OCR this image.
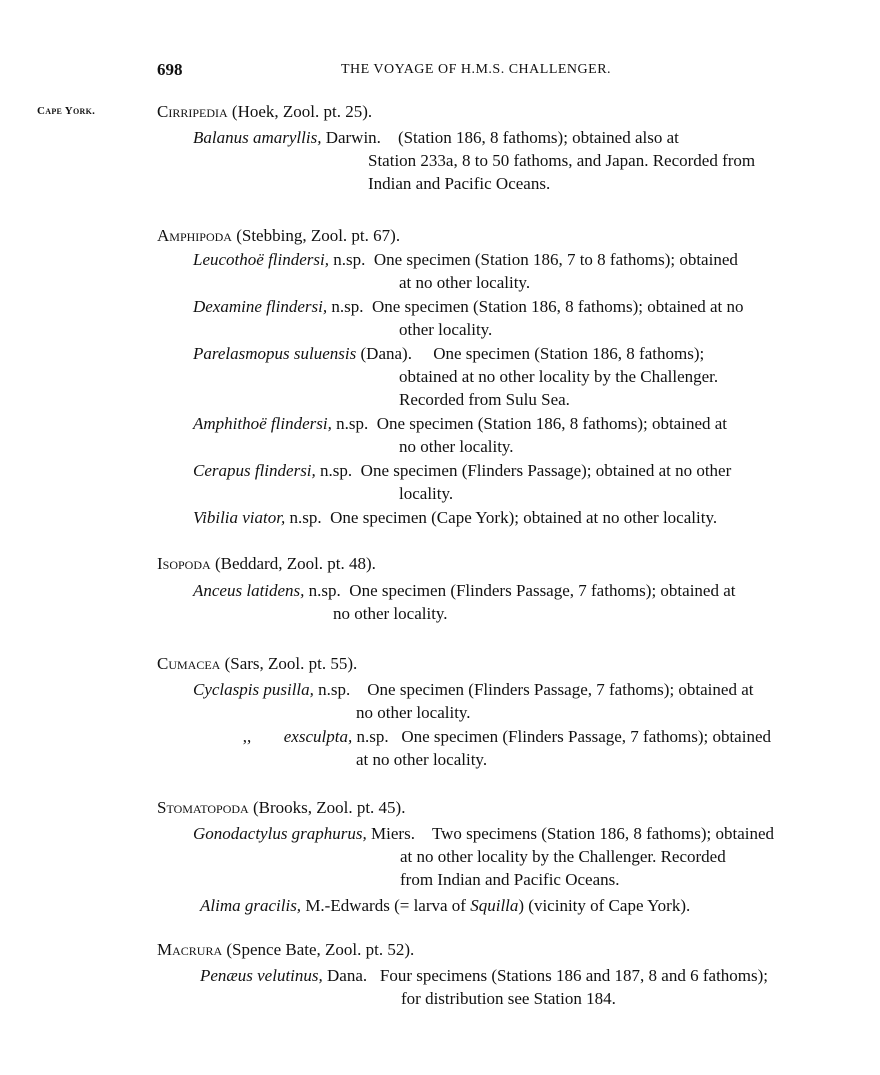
698	THE VOYAGE OF H.M.S. CHALLENGER.
Cape York.	Cirripedia (Hoek, Zool. pt. 25).
Balanus amaryllis, Darwin. (Station 186, 8 fathoms); obtained also at
Station 233a, 8 to 50 fathoms, and Japan. Recorded from
Indian and Pacific Oceans.
Amphipoda (Stebbing, Zool. pt. 67).
Leucothoë flindersi, n.sp. One specimen (Station 186, 7 to 8 fathoms); obtained
at no other locality.
Dexamine flindersi, n.sp. One specimen (Station 186, 8 fathoms); obtained at no
other locality.
Parelasmopus suluensis (Dana). One specimen (Station 186, 8 fathoms);
obtained at no other locality by the Challenger.
Recorded from Sulu Sea.
Amphithoë flindersi, n.sp. One specimen (Station 186, 8 fathoms); obtained at
no other locality.
Cerapus flindersi, n.sp. One specimen (Flinders Passage); obtained at no other
locality.
Vibilia viator, n.sp. One specimen (Cape York); obtained at no other locality.
Isopoda (Beddard, Zool. pt. 48).
Anceus latidens, n.sp. One specimen (Flinders Passage, 7 fathoms); obtained at
no other locality.
Cumacea (Sars, Zool. pt. 55).
Cyclaspis pusilla, n.sp. One specimen (Flinders Passage, 7 fathoms); obtained at
no other locality.
,, exsculpta, n.sp. One specimen (Flinders Passage, 7 fathoms); obtained
at no other locality.
Stomatopoda (Brooks, Zool. pt. 45).
Gonodactylus graphurus, Miers. Two specimens (Station 186, 8 fathoms); obtained
at no other locality by the Challenger. Recorded
from Indian and Pacific Oceans.
Alima gracilis, M.-Edwards (= larva of Squilla) (vicinity of Cape York).
Macrura (Spence Bate, Zool. pt. 52).
Penæus velutinus, Dana. Four specimens (Stations 186 and 187, 8 and 6 fathoms);
for distribution see Station 184.
